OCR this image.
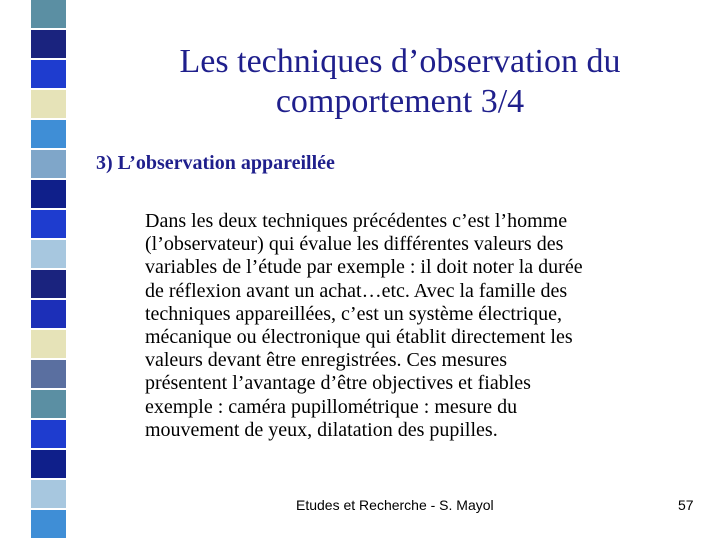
Les techniques d’observation du
comportement 3/4
3) L’observation appareillée
Dans les deux techniques précédentes c’est l’homme
(l’observateur) qui évalue les différentes valeurs des
variables de l’étude par exemple : il doit noter la durée
de réflexion avant un achat…etc. Avec la famille des
techniques appareillées, c’est un système électrique,
mécanique ou électronique qui établit directement les
valeurs devant être enregistrées. Ces mesures
présentent l’avantage d’être objectives et fiables
exemple : caméra pupillométrique : mesure du
mouvement de yeux, dilatation des pupilles.
Etudes et Recherche - S. Mayol	57
